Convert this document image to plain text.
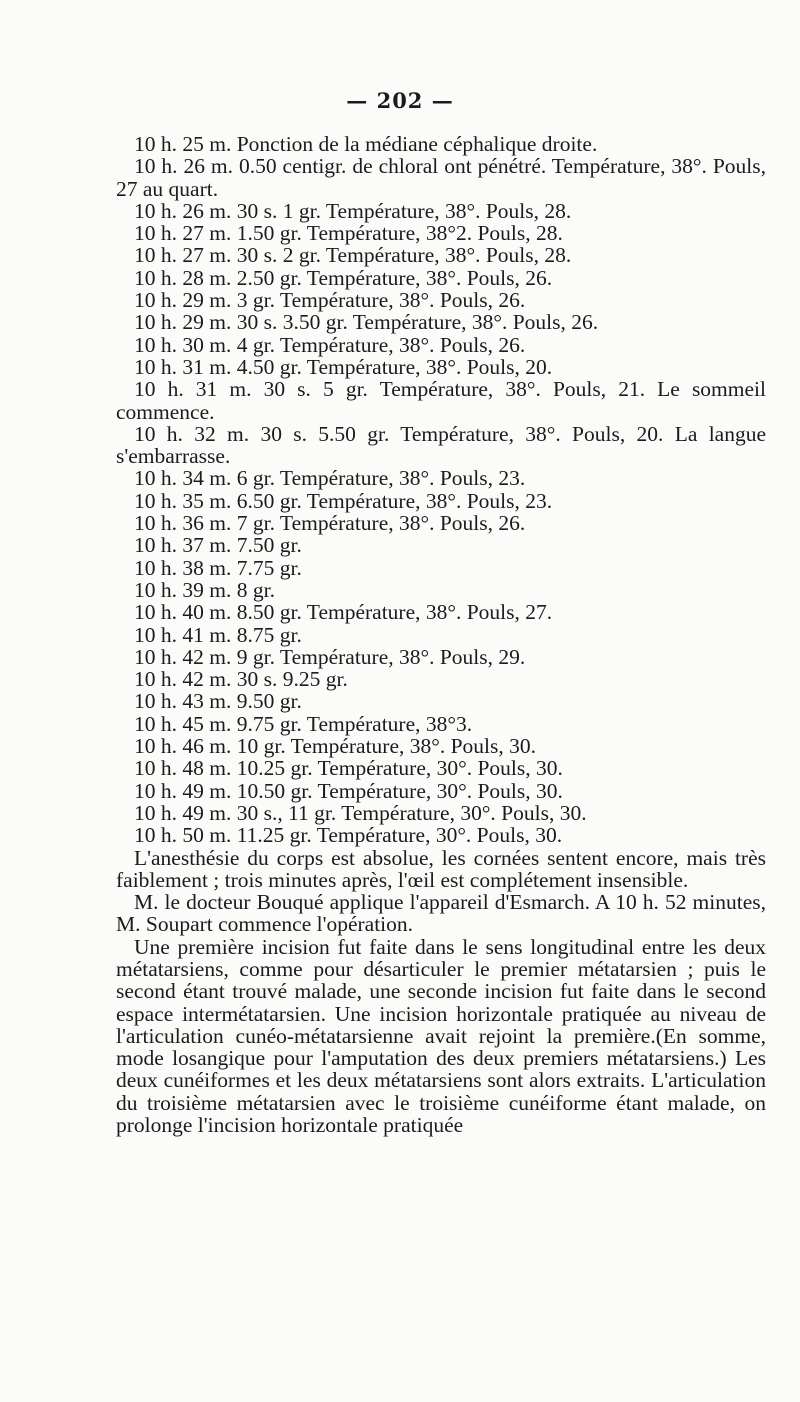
— 202 —

10 h. 25 m. Ponction de la médiane céphalique droite.

10 h. 26 m. 0.50 centigr. de chloral ont pénétré. Température, 38°. Pouls, 27 au quart.

10 h. 26 m. 30 s. 1 gr. Température, 38°. Pouls, 28.

10 h. 27 m. 1.50 gr. Température, 38°2. Pouls, 28.

10 h. 27 m. 30 s. 2 gr. Température, 38°. Pouls, 28.

10 h. 28 m. 2.50 gr. Température, 38°. Pouls, 26.

10 h. 29 m. 3 gr. Température, 38°. Pouls, 26.

10 h. 29 m. 30 s. 3.50 gr. Température, 38°. Pouls, 26.

10 h. 30 m. 4 gr. Température, 38°. Pouls, 26.

10 h. 31 m. 4.50 gr. Température, 38°. Pouls, 20.

10 h. 31 m. 30 s. 5 gr. Température, 38°. Pouls, 21. Le sommeil commence.

10 h. 32 m. 30 s. 5.50 gr. Température, 38°. Pouls, 20. La langue s'embarrasse.

10 h. 34 m. 6 gr. Température, 38°. Pouls, 23.

10 h. 35 m. 6.50 gr. Température, 38°. Pouls, 23.

10 h. 36 m. 7 gr. Température, 38°. Pouls, 26.

10 h. 37 m. 7.50 gr.

10 h. 38 m. 7.75 gr.

10 h. 39 m. 8 gr.

10 h. 40 m. 8.50 gr. Température, 38°. Pouls, 27.

10 h. 41 m. 8.75 gr.

10 h. 42 m. 9 gr. Température, 38°. Pouls, 29.

10 h. 42 m. 30 s. 9.25 gr.

10 h. 43 m. 9.50 gr.

10 h. 45 m. 9.75 gr. Température, 38°3.

10 h. 46 m. 10 gr. Température, 38°. Pouls, 30.

10 h. 48 m. 10.25 gr. Température, 30°. Pouls, 30.

10 h. 49 m. 10.50 gr. Température, 30°. Pouls, 30.

10 h. 49 m. 30 s., 11 gr. Température, 30°. Pouls, 30.

10 h. 50 m. 11.25 gr. Température, 30°. Pouls, 30.

L'anesthésie du corps est absolue, les cornées sentent encore, mais très faiblement ; trois minutes après, l'œil est complétement insensible.

M. le docteur Bouqué applique l'appareil d'Esmarch. A 10 h. 52 minutes, M. Soupart commence l'opération.

Une première incision fut faite dans le sens longitudinal entre les deux métatarsiens, comme pour désarticuler le premier métatarsien ; puis le second étant trouvé malade, une seconde incision fut faite dans le second espace intermétatarsien. Une incision horizontale pratiquée au niveau de l'articulation cunéo-métatarsienne avait rejoint la première.(En somme, mode losangique pour l'amputation des deux premiers métatarsiens.) Les deux cunéiformes et les deux métatarsiens sont alors extraits. L'articulation du troisième métatarsien avec le troisième cunéiforme étant malade, on prolonge l'incision horizontale pratiquée
